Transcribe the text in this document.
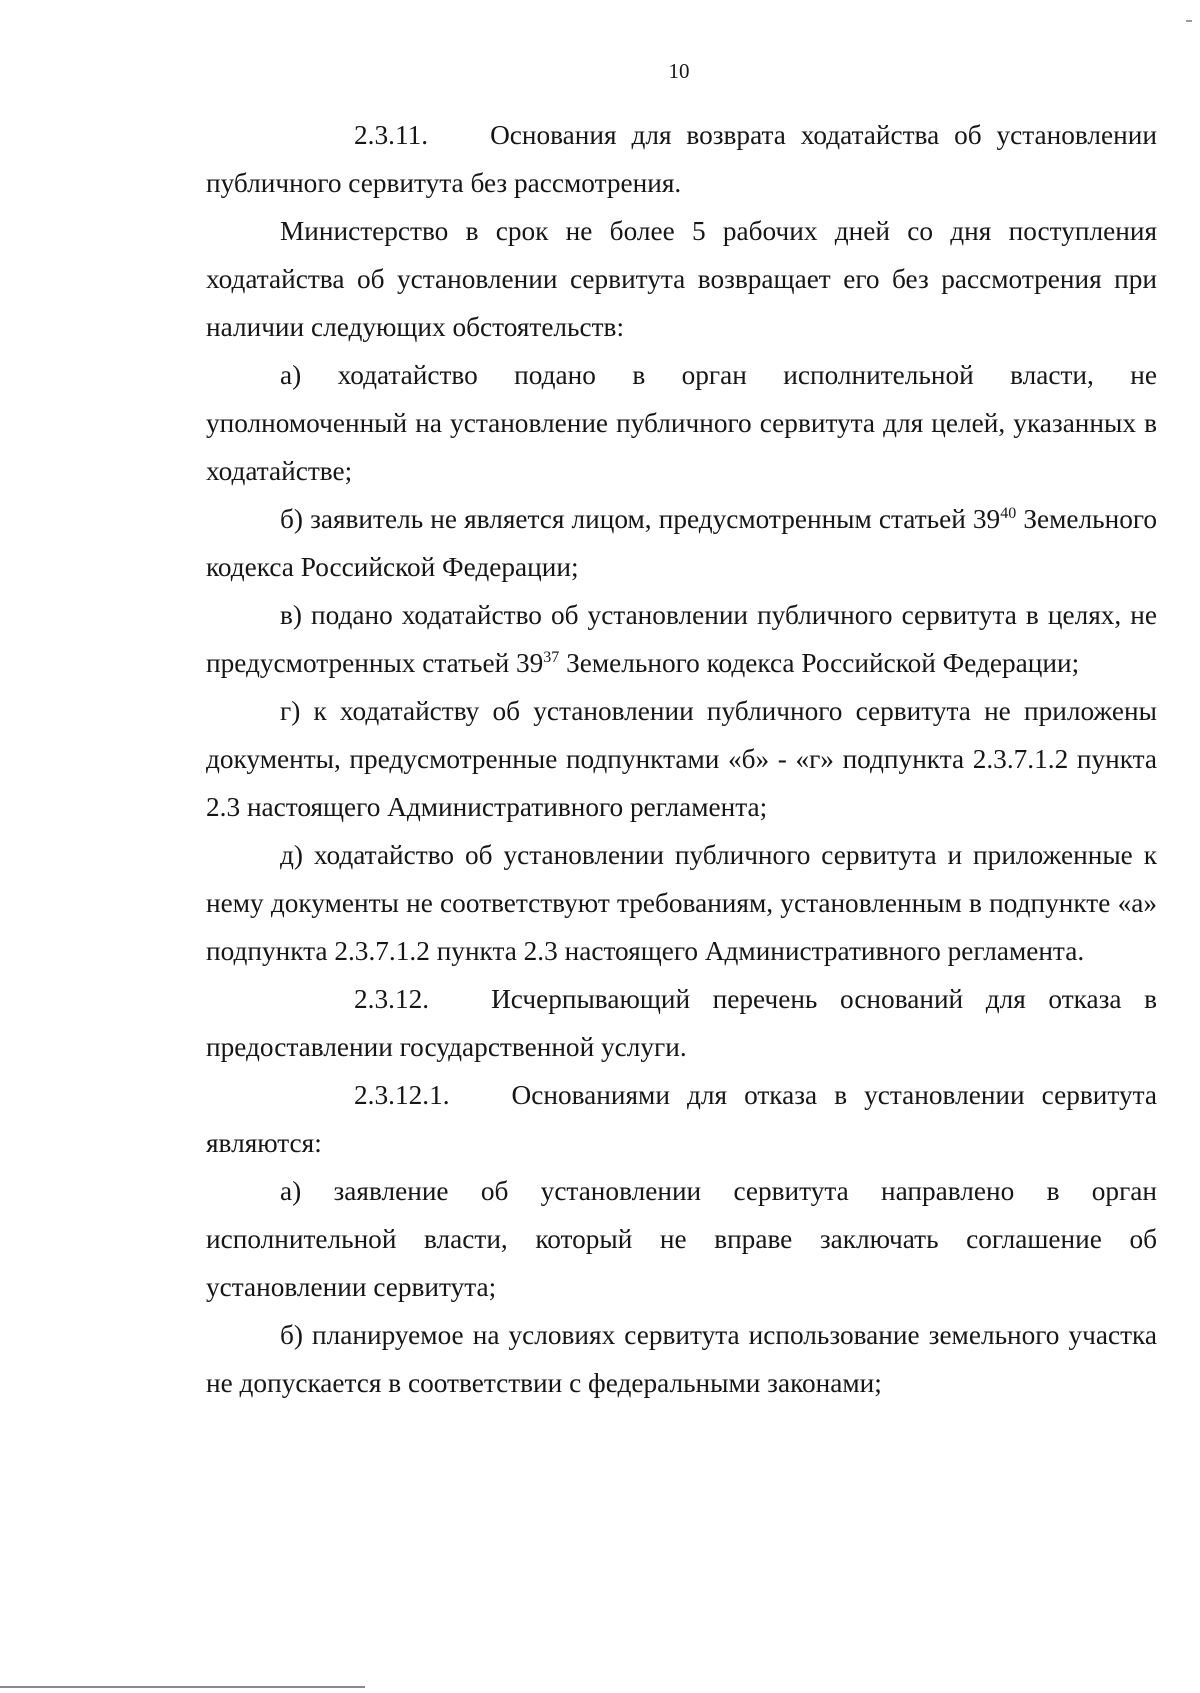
10

2.3.11. Основания для возврата ходатайства об установлении публичного сервитута без рассмотрения.

Министерство в срок не более 5 рабочих дней со дня поступления ходатайства об установлении сервитута возвращает его без рассмотрения при наличии следующих обстоятельств:

а) ходатайство подано в орган исполнительной власти, не уполномоченный на установление публичного сервитута для целей, указанных в ходатайстве;

б) заявитель не является лицом, предусмотренным статьей $39^{40}$ Земельного кодекса Российской Федерации;

в) подано ходатайство об установлении публичного сервитута в целях, не предусмотренных статьей $39^{37}$ Земельного кодекса Российской Федерации;

г) к ходатайству об установлении публичного сервитута не приложены документы, предусмотренные подпунктами «б» - «г» подпункта 2.3.7.1.2 пункта 2.3 настоящего Административного регламента;

д) ходатайство об установлении публичного сервитута и приложенные к нему документы не соответствуют требованиям, установленным в подпункте «а» подпункта 2.3.7.1.2 пункта 2.3 настоящего Административного регламента.

2.3.12. Исчерпывающий перечень оснований для отказа в предоставлении государственной услуги.

2.3.12.1. Основаниями для отказа в установлении сервитута являются:

а) заявление об установлении сервитута направлено в орган исполнительной власти, который не вправе заключать соглашение об установлении сервитута;

б) планируемое на условиях сервитута использование земельного участка не допускается в соответствии с федеральными законами;
